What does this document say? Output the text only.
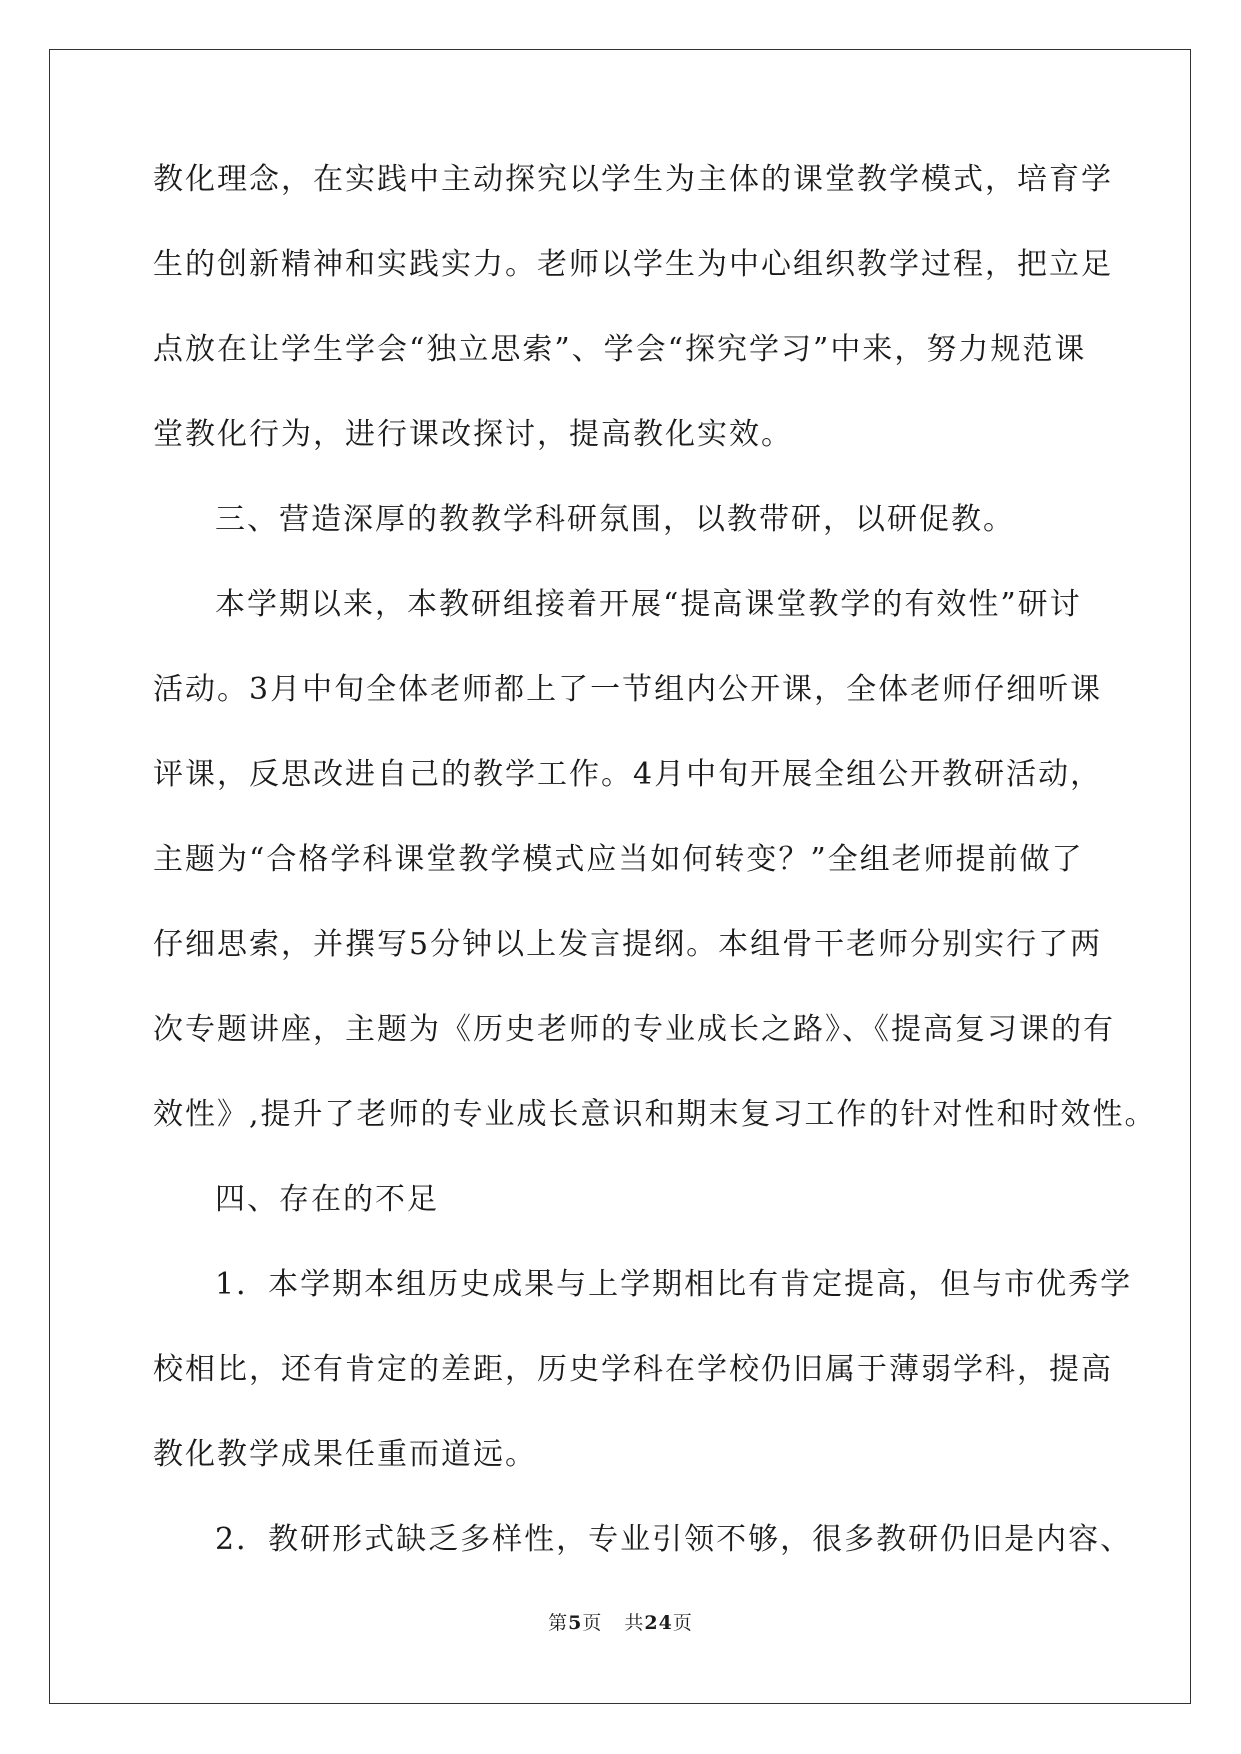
教化理念，在实践中主动探究以学生为主体的课堂教学模式，培育学
生的创新精神和实践实力。老师以学生为中心组织教学过程，把立足
点放在让学生学会“独立思索”、学会“探究学习”中来，努力规范课
堂教化行为，进行课改探讨，提高教化实效。
三、营造深厚的教教学科研氛围，以教带研，以研促教。
本学期以来，本教研组接着开展“提高课堂教学的有效性”研讨
活动。3月中旬全体老师都上了一节组内公开课，全体老师仔细听课
评课，反思改进自己的教学工作。4月中旬开展全组公开教研活动，
主题为“合格学科课堂教学模式应当如何转变？”全组老师提前做了
仔细思索，并撰写5分钟以上发言提纲。本组骨干老师分别实行了两
次专题讲座，主题为《历史老师的专业成长之路》、《提高复习课的有
效性》,提升了老师的专业成长意识和期末复习工作的针对性和时效性。
四、存在的不足
1．本学期本组历史成果与上学期相比有肯定提高，但与市优秀学
校相比，还有肯定的差距，历史学科在学校仍旧属于薄弱学科，提高
教化教学成果任重而道远。
2．教研形式缺乏多样性，专业引领不够，很多教研仍旧是内容、
第5页 共24页
